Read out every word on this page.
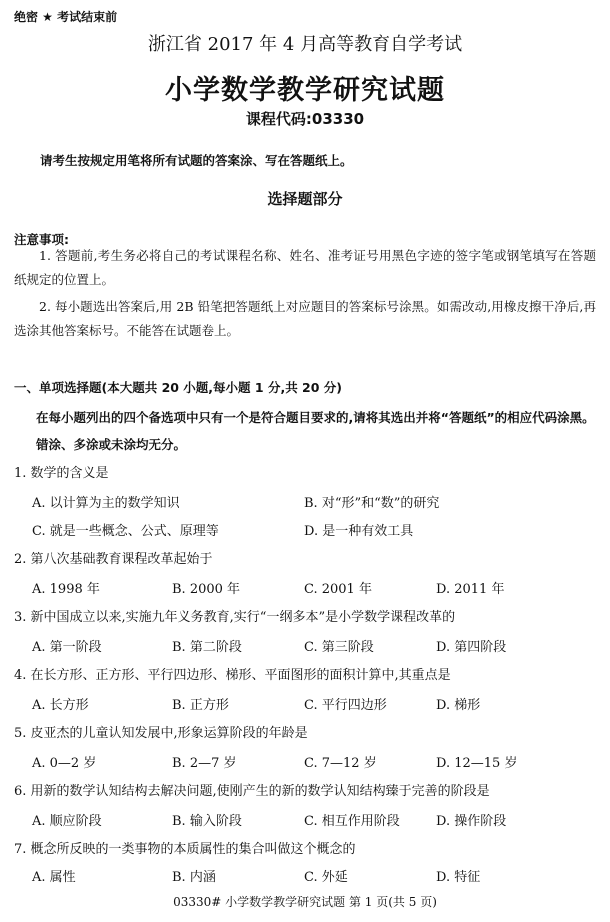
绝密 ★ 考试结束前
浙江省 2017 年 4 月高等教育自学考试
小学数学教学研究试题
课程代码:03330
请考生按规定用笔将所有试题的答案涂、写在答题纸上。
选择题部分
注意事项:
1. 答题前,考生务必将自己的考试课程名称、姓名、准考证号用黑色字迹的签字笔或钢笔填写在答题纸规定的位置上。
2. 每小题选出答案后,用 2B 铅笔把答题纸上对应题目的答案标号涂黑。如需改动,用橡皮擦干净后,再选涂其他答案标号。不能答在试题卷上。
一、单项选择题(本大题共 20 小题,每小题 1 分,共 20 分)
在每小题列出的四个备选项中只有一个是符合题目要求的,请将其选出并将“答题纸”的相应代码涂黑。错涂、多涂或未涂均无分。
1. 数学的含义是
A. 以计算为主的数学知识	B. 对“形”和“数”的研究
C. 就是一些概念、公式、原理等	D. 是一种有效工具
2. 第八次基础教育课程改革起始于
A. 1998 年	B. 2000 年	C. 2001 年	D. 2011 年
3. 新中国成立以来,实施九年义务教育,实行“一纲多本”是小学数学课程改革的
A. 第一阶段	B. 第二阶段	C. 第三阶段	D. 第四阶段
4. 在长方形、正方形、平行四边形、梯形、平面图形的面积计算中,其重点是
A. 长方形	B. 正方形	C. 平行四边形	D. 梯形
5. 皮亚杰的儿童认知发展中,形象运算阶段的年龄是
A. 0—2 岁	B. 2—7 岁	C. 7—12 岁	D. 12—15 岁
6. 用新的数学认知结构去解决问题,使刚产生的新的数学认知结构臻于完善的阶段是
A. 顺应阶段	B. 输入阶段	C. 相互作用阶段	D. 操作阶段
7. 概念所反映的一类事物的本质属性的集合叫做这个概念的
A. 属性	B. 内涵	C. 外延	D. 特征
03330# 小学数学教学研究试题 第 1 页(共 5 页)
